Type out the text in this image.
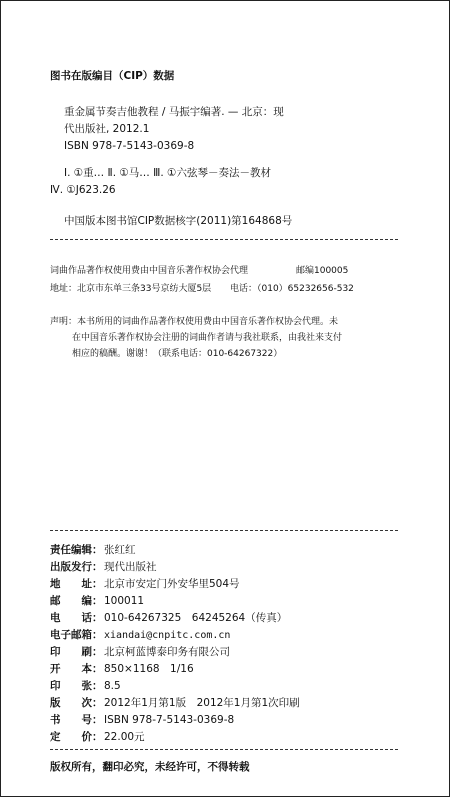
图书在版编目（CIP）数据
重金属节奏吉他教程 / 马振宇编著. — 北京：现
代出版社, 2012.1
ISBN 978-7-5143-0369-8
Ⅰ. ①重… Ⅱ. ①马… Ⅲ. ①六弦琴－奏法－教材
Ⅳ. ①J623.26
中国版本图书馆CIP数据核字(2011)第164868号
词曲作品著作权使用费由中国音乐著作权协会代理	邮编100005
地址：北京市东单三条33号京纺大厦5层 电话：（010）65232656-532
声明：本书所用的词曲作品著作权使用费由中国音乐著作权协会代理。未
在中国音乐著作权协会注册的词曲作者请与我社联系，由我社来支付
相应的稿酬。谢谢！（联系电话：010-64267322）
责任编辑： 张红红
出版发行： 现代出版社
地　　址： 北京市安定门外安华里504号
邮　　编： 100011
电　　话： 010-64267325　64245264（传真）
电子邮箱： xiandai@cnpitc.com.cn
印　　刷： 北京柯蓝博泰印务有限公司
开　　本： 850×1168　1/16
印　　张： 8.5
版　　次： 2012年1月第1版　2012年1月第1次印刷
书　　号： ISBN 978-7-5143-0369-8
定　　价： 22.00元
版权所有，翻印必究，未经许可，不得转载
